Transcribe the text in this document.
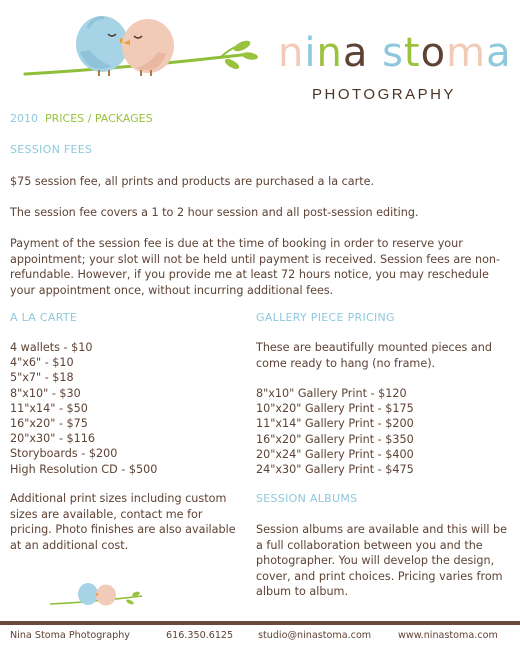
nina stoma
PHOTOGRAPHY
2010 PRICES / PACKAGES
SESSION FEES
$75 session fee, all prints and products are purchased a la carte.
The session fee covers a 1 to 2 hour session and all post-session editing.
Payment of the session fee is due at the time of booking in order to reserve your appointment; your slot will not be held until payment is received. Session fees are non-refundable. However, if you provide me at least 72 hours notice, you may reschedule your appointment once, without incurring additional fees.
A LA CARTE
4 wallets - $10
4"x6" - $10
5"x7" - $18
8"x10" - $30
11"x14" - $50
16"x20" - $75
20"x30" - $116
Storyboards - $200
High Resolution CD - $500
Additional print sizes including custom sizes are available, contact me for pricing. Photo finishes are also available at an additional cost.
GALLERY PIECE PRICING
These are beautifully mounted pieces and come ready to hang (no frame).
8"x10" Gallery Print - $120
10"x20" Gallery Print - $175
11"x14" Gallery Print - $200
16"x20" Gallery Print - $350
20"x24" Gallery Print - $400
24"x30" Gallery Print - $475
SESSION ALBUMS
Session albums are available and this will be a full collaboration between you and the photographer. You will develop the design, cover, and print choices. Pricing varies from album to album.
Nina Stoma Photography	616.350.6125	studio@ninastoma.com	www.ninastoma.com
